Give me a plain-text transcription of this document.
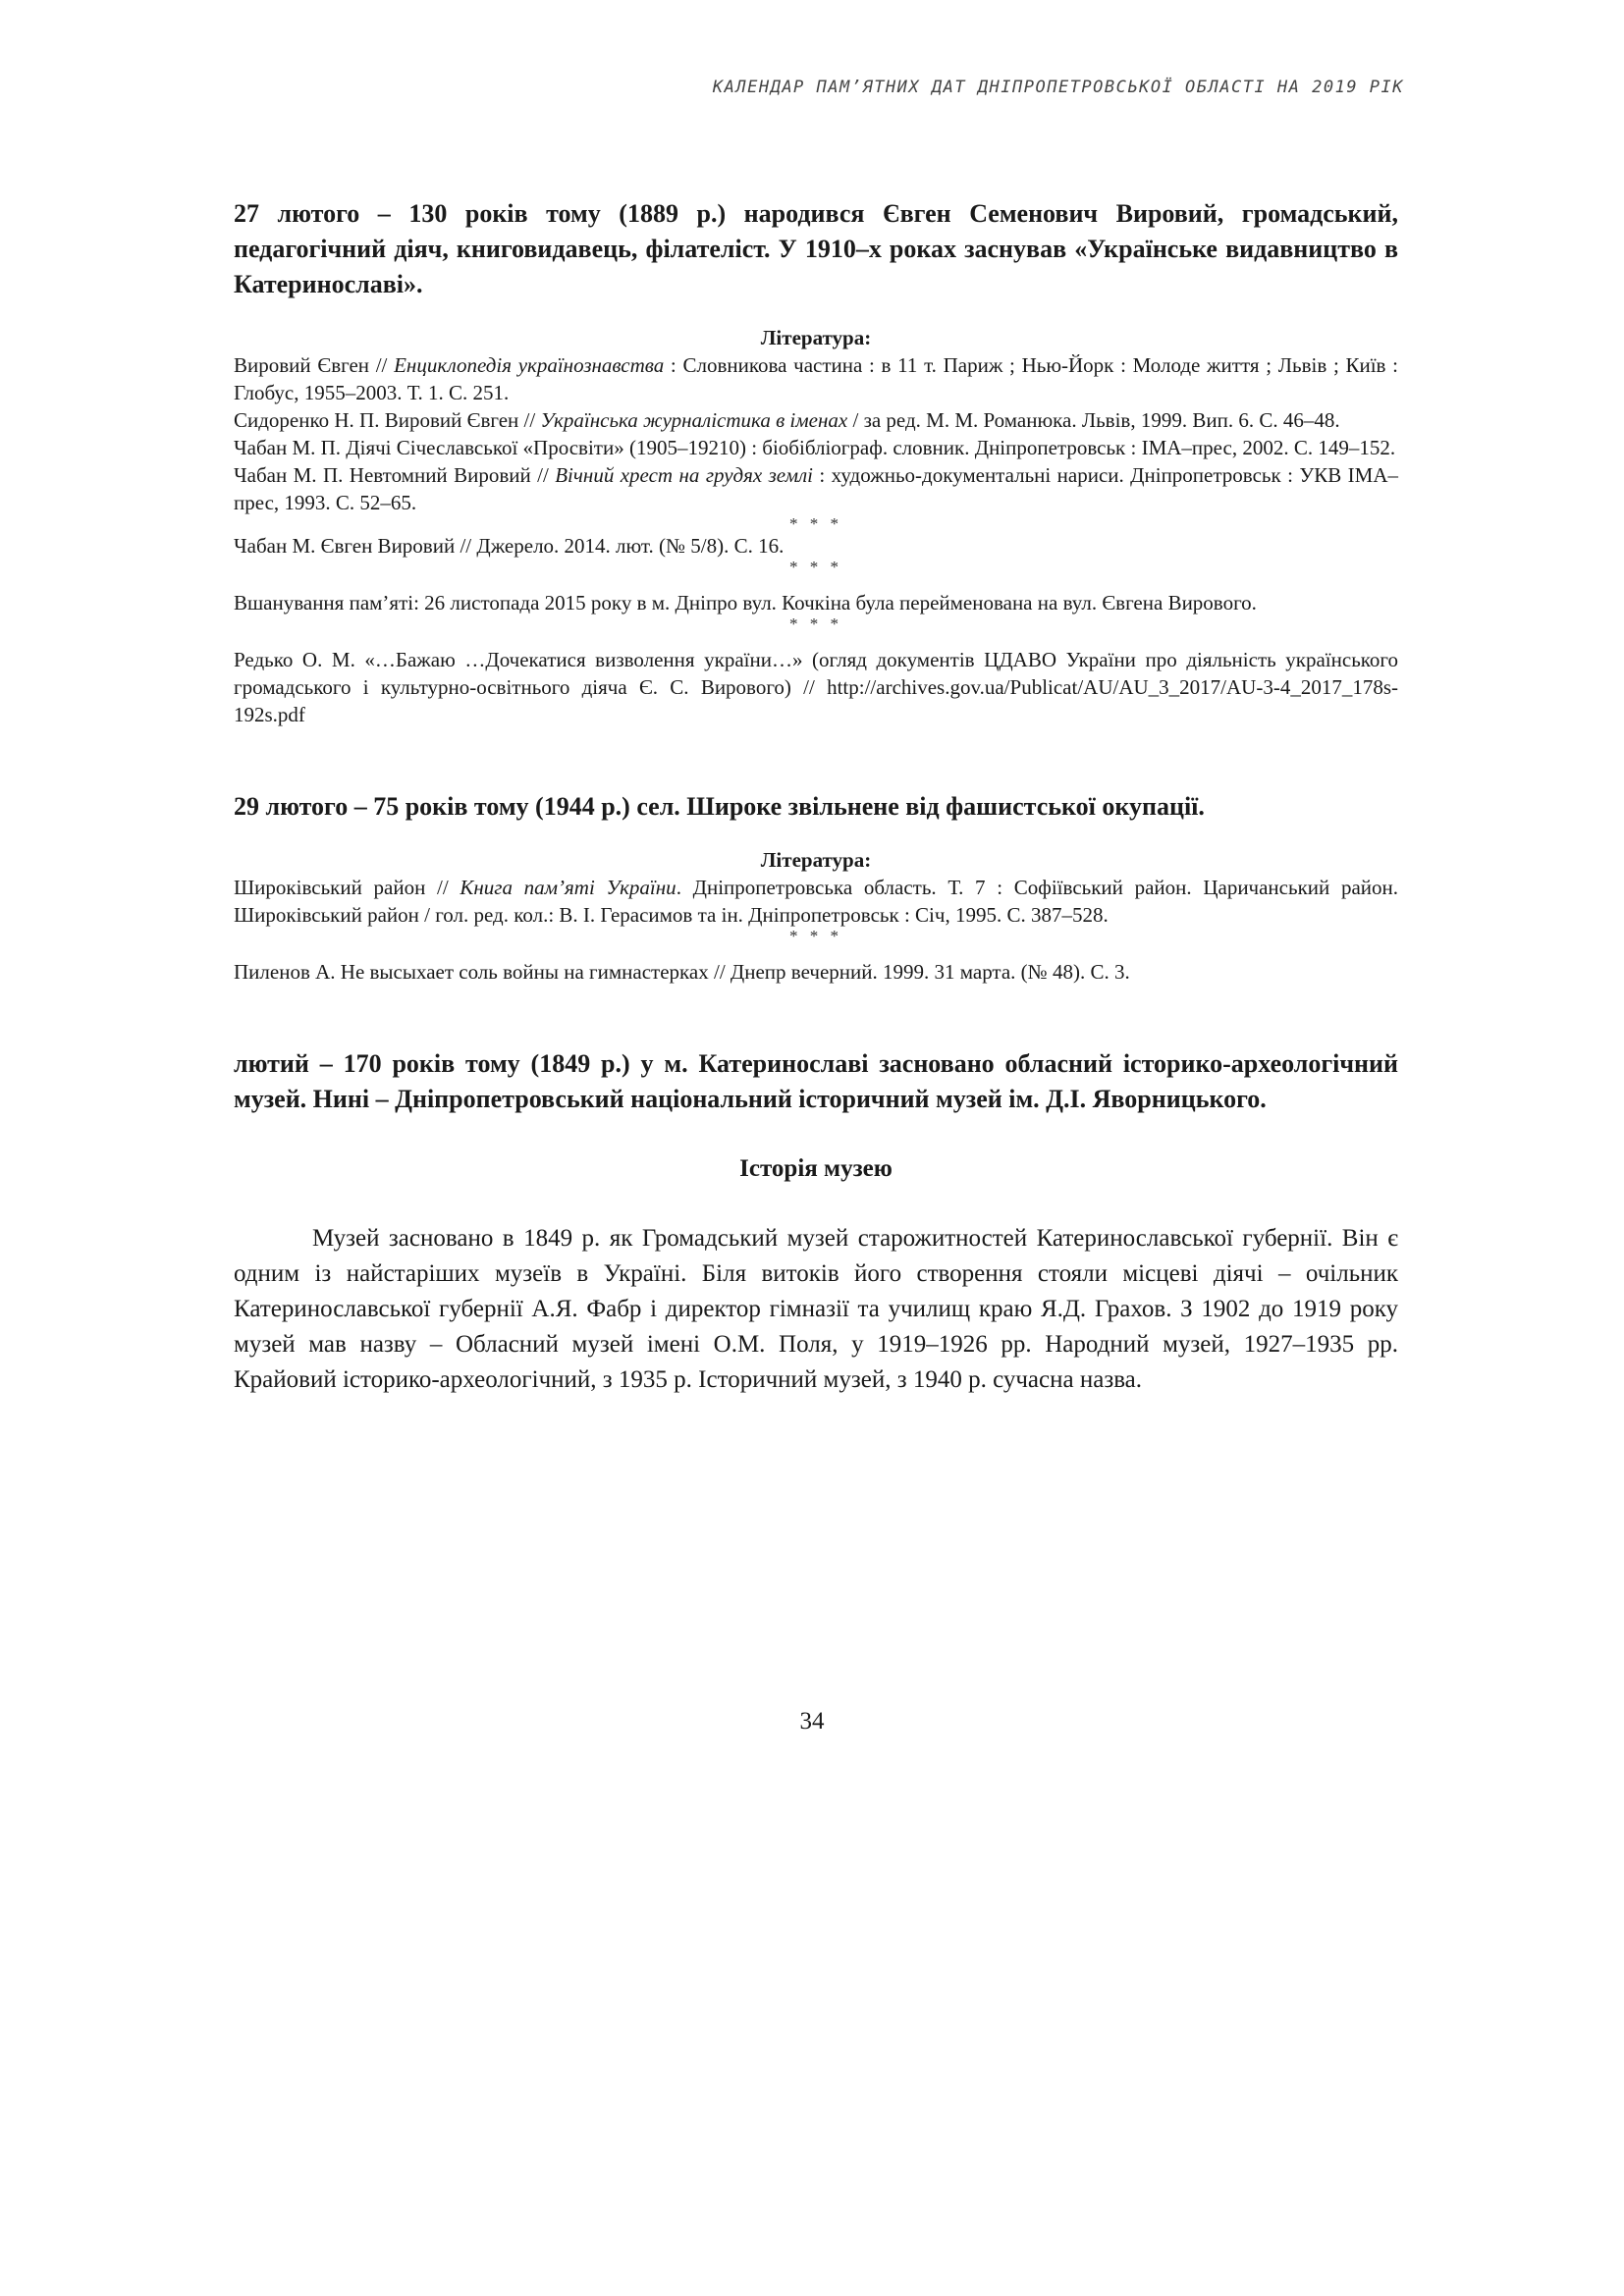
КАЛЕНДАР ПАМ’ЯТНИХ ДАТ ДНІПРОПЕТРОВСЬКОЇ ОБЛАСТІ НА 2019 РІК

27 лютого – 130 років тому (1889 р.) народився Євген Семенович Вировий, громадський, педагогічний діяч, книговидавець, філателіст. У 1910–х роках заснував «Українське видавництво в Катеринославі».

Література:

Вировий Євген // Енциклопедія українознавства : Словникова частина : в 11 т. Париж ; Нью-Йорк : Молоде життя ; Львів ; Київ : Глобус, 1955–2003. Т. 1. С. 251.

Сидоренко Н. П. Вировий Євген // Українська журналістика в іменах / за ред. М. М. Романюка. Львів, 1999. Вип. 6. С. 46–48.

Чабан М. П. Діячі Січеславської «Просвіти» (1905–19210) : біобібліограф. словник. Дніпропетровськ : ІМА–прес, 2002. С. 149–152.

Чабан М. П. Невтомний Вировий // Вічний хрест на грудях землі : художньо-документальні нариси. Дніпропетровськ : УКВ ІМА–прес, 1993. С. 52–65.

* * *

Чабан М. Євген Вировий // Джерело. 2014. лют. (№ 5/8). С. 16.

* * *

Вшанування пам’яті: 26 листопада 2015 року в м. Дніпро вул. Кочкіна була перейменована на вул. Євгена Вирового.

* * *

Редько О. М. «…Бажаю …Дочекатися визволення україни…» (огляд документів ЦДАВО України про діяльність українського громадського і культурно-освітнього діяча Є. С. Вирового) // http://archives.gov.ua/Publicat/AU/AU_3_2017/AU-3-4_2017_178s-192s.pdf

29 лютого – 75 років тому (1944 р.) сел. Широке звільнене від фашистської окупації.

Література:

Широківський район // Книга пам’яті України. Дніпропетровська область. Т. 7 : Софіївський район. Царичанський район. Широківський район / гол. ред. кол.: В. І. Герасимов та ін. Дніпропетровськ : Січ, 1995. С. 387–528.

* * *

Пиленов А. Не высыхает соль войны на гимнастерках // Днепр вечерний. 1999. 31 марта. (№ 48). С. 3.

лютий – 170 років тому (1849 р.) у м. Катеринославі засновано обласний історико-археологічний музей. Нині – Дніпропетровський національний історичний музей ім. Д.І. Яворницького.

Історія музею

Музей засновано в 1849 р. як Громадський музей старожитностей Катеринославської губернії. Він є одним із найстаріших музеїв в Україні. Біля витоків його створення стояли місцеві діячі – очільник Катеринославської губернії А.Я. Фабр і директор гімназії та училищ краю Я.Д. Грахов. З 1902 до 1919 року музей мав назву – Обласний музей імені О.М. Поля, у 1919–1926 рр. Народний музей, 1927–1935 рр. Крайовий історико-археологічний, з 1935 р. Історичний музей, з 1940 р. сучасна назва.

34
